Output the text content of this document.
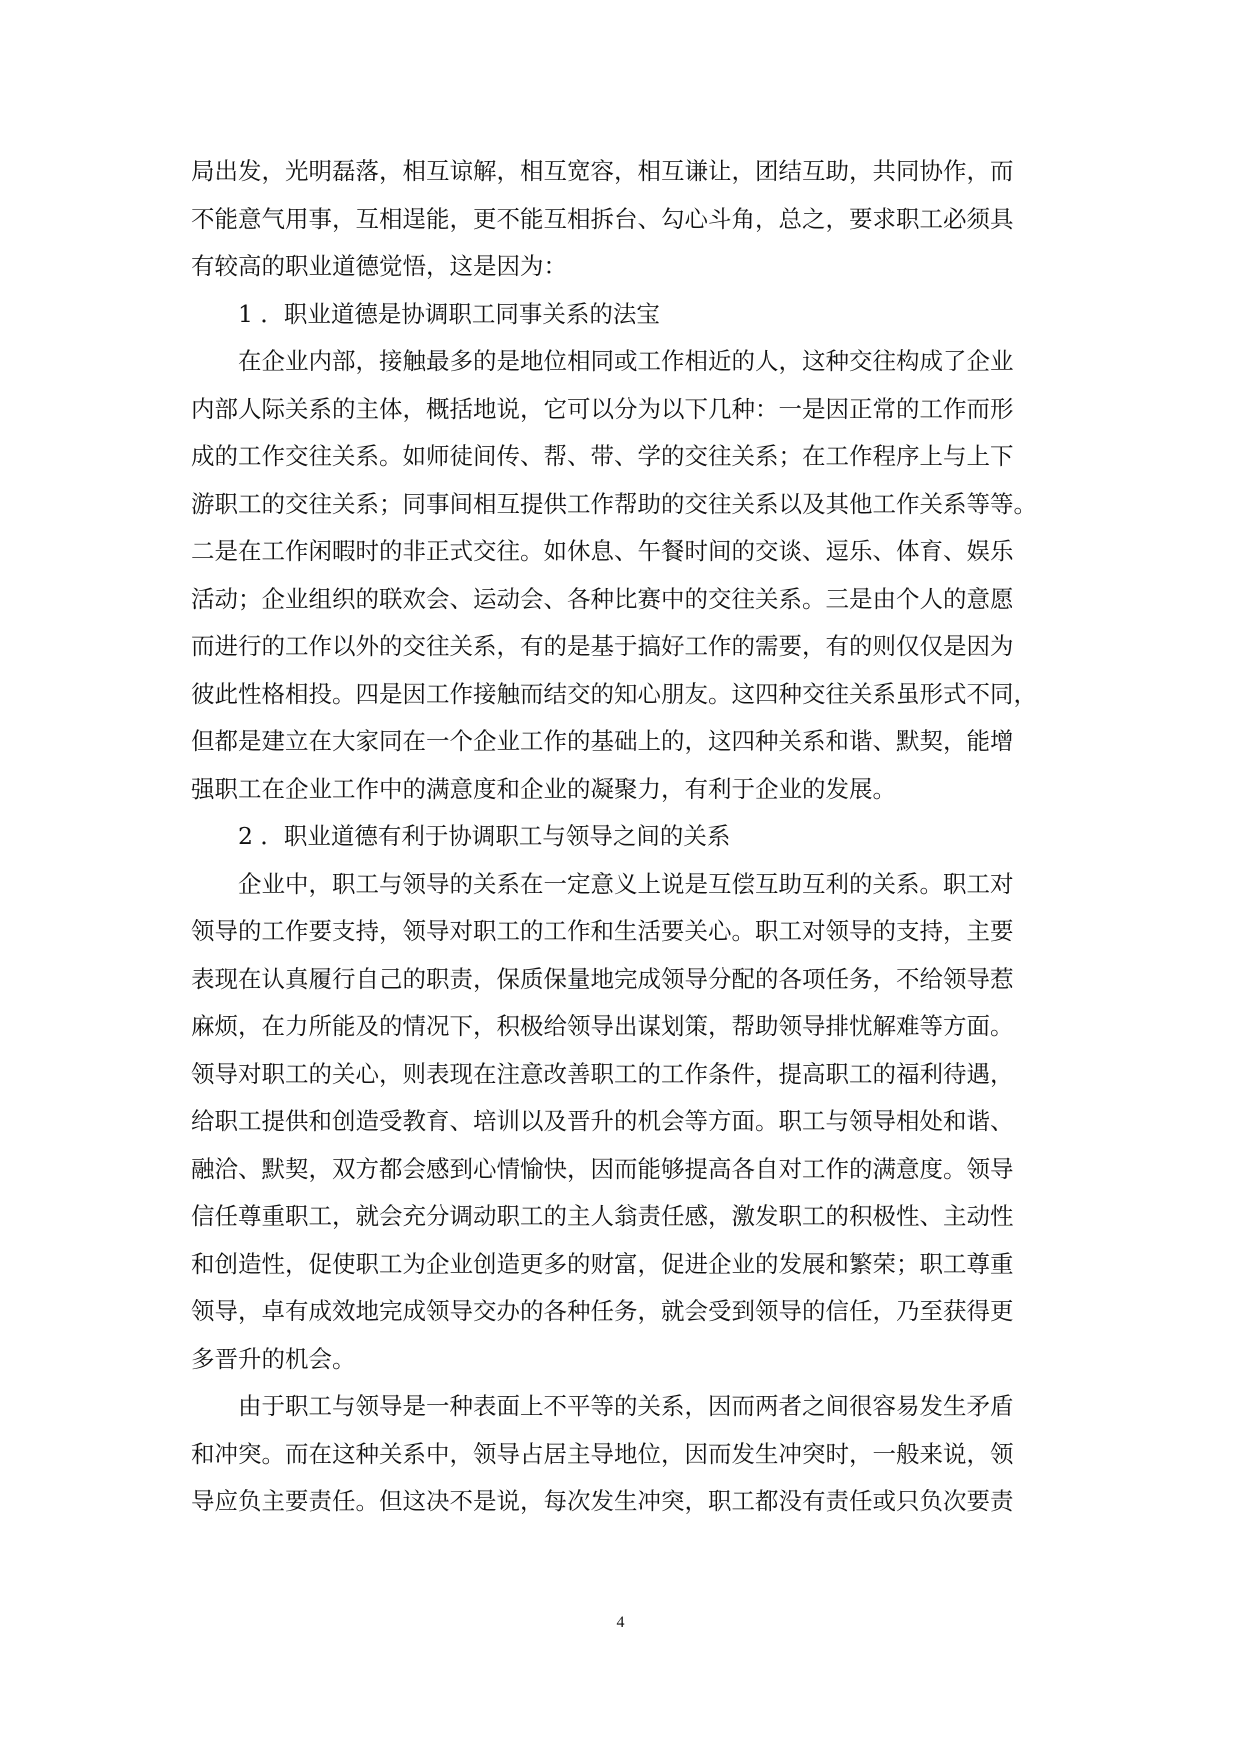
局出发，光明磊落，相互谅解，相互宽容，相互谦让，团结互助，共同协作，而
不能意气用事，互相逞能，更不能互相拆台、勾心斗角，总之，要求职工必须具
有较高的职业道德觉悟，这是因为：
1 ．职业道德是协调职工同事关系的法宝
在企业内部，接触最多的是地位相同或工作相近的人，这种交往构成了企业
内部人际关系的主体，概括地说，它可以分为以下几种：一是因正常的工作而形
成的工作交往关系。如师徒间传、帮、带、学的交往关系；在工作程序上与上下
游职工的交往关系；同事间相互提供工作帮助的交往关系以及其他工作关系等等。
二是在工作闲暇时的非正式交往。如休息、午餐时间的交谈、逗乐、体育、娱乐
活动；企业组织的联欢会、运动会、各种比赛中的交往关系。三是由个人的意愿
而进行的工作以外的交往关系，有的是基于搞好工作的需要，有的则仅仅是因为
彼此性格相投。四是因工作接触而结交的知心朋友。这四种交往关系虽形式不同，
但都是建立在大家同在一个企业工作的基础上的，这四种关系和谐、默契，能增
强职工在企业工作中的满意度和企业的凝聚力，有利于企业的发展。
2 ．职业道德有利于协调职工与领导之间的关系
企业中，职工与领导的关系在一定意义上说是互偿互助互利的关系。职工对
领导的工作要支持，领导对职工的工作和生活要关心。职工对领导的支持，主要
表现在认真履行自己的职责，保质保量地完成领导分配的各项任务，不给领导惹
麻烦，在力所能及的情况下，积极给领导出谋划策，帮助领导排忧解难等方面。
领导对职工的关心，则表现在注意改善职工的工作条件，提高职工的福利待遇，
给职工提供和创造受教育、培训以及晋升的机会等方面。职工与领导相处和谐、
融洽、默契，双方都会感到心情愉快，因而能够提高各自对工作的满意度。领导
信任尊重职工，就会充分调动职工的主人翁责任感，激发职工的积极性、主动性
和创造性，促使职工为企业创造更多的财富，促进企业的发展和繁荣；职工尊重
领导，卓有成效地完成领导交办的各种任务，就会受到领导的信任，乃至获得更
多晋升的机会。
由于职工与领导是一种表面上不平等的关系，因而两者之间很容易发生矛盾
和冲突。而在这种关系中，领导占居主导地位，因而发生冲突时，一般来说，领
导应负主要责任。但这决不是说，每次发生冲突，职工都没有责任或只负次要责
4
